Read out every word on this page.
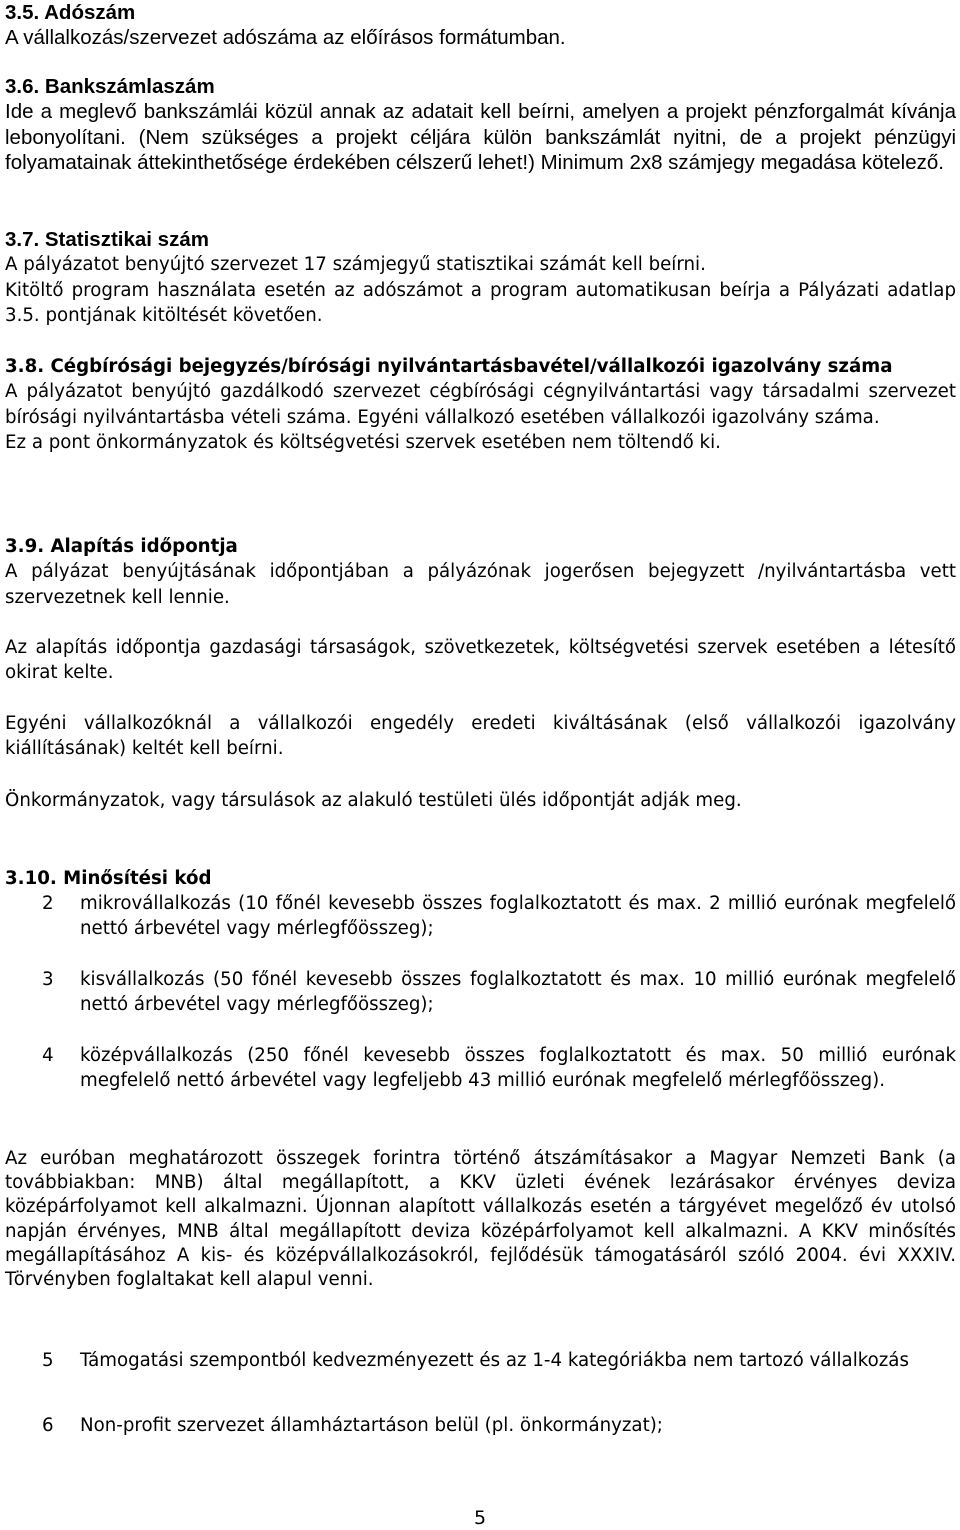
3.5. Adószám

A vállalkozás/szervezet adószáma az előírásos formátumban.

3.6. Bankszámlaszám

Ide a meglevő bankszámlái közül annak az adatait kell beírni, amelyen a projekt pénzforgalmát kívánja lebonyolítani. (Nem szükséges a projekt céljára külön bankszámlát nyitni, de a projekt pénzügyi folyamatainak áttekinthetősége érdekében célszerű lehet!) Minimum 2x8 számjegy megadása kötelező.

3.7. Statisztikai szám

A pályázatot benyújtó szervezet 17 számjegyű statisztikai számát kell beírni.

Kitöltő program használata esetén az adószámot a program automatikusan beírja a Pályázati adatlap 3.5. pontjának kitöltését követően.

3.8. Cégbírósági bejegyzés/bírósági nyilvántartásbavétel/vállalkozói igazolvány száma

A pályázatot benyújtó gazdálkodó szervezet cégbírósági cégnyilvántartási vagy társadalmi szervezet bírósági nyilvántartásba vételi száma. Egyéni vállalkozó esetében vállalkozói igazolvány száma.

Ez a pont önkormányzatok és költségvetési szervek esetében nem töltendő ki.

3.9. Alapítás időpontja

A pályázat benyújtásának időpontjában a pályázónak jogerősen bejegyzett /nyilvántartásba vett szervezetnek kell lennie.

Az alapítás időpontja gazdasági társaságok, szövetkezetek, költségvetési szervek esetében a létesítő okirat kelte.

Egyéni vállalkozóknál a vállalkozói engedély eredeti kiváltásának (első vállalkozói igazolvány kiállításának) keltét kell beírni.

Önkormányzatok, vagy társulások az alakuló testületi ülés időpontját adják meg.

3.10. Minősítési kód
2 mikrovállalkozás (10 főnél kevesebb összes foglalkoztatott és max. 2 millió eurónak megfelelő nettó árbevétel vagy mérlegfőösszeg);
3 kisvállalkozás (50 főnél kevesebb összes foglalkoztatott és max. 10 millió eurónak megfelelő nettó árbevétel vagy mérlegfőösszeg);
4 középvállalkozás (250 főnél kevesebb összes foglalkoztatott és max. 50 millió eurónak megfelelő nettó árbevétel vagy legfeljebb 43 millió eurónak megfelelő mérlegfőösszeg).

Az euróban meghatározott összegek forintra történő átszámításakor a Magyar Nemzeti Bank (a továbbiakban: MNB) által megállapított, a KKV üzleti évének lezárásakor érvényes deviza középárfolyamot kell alkalmazni. Újonnan alapított vállalkozás esetén a tárgyévet megelőző év utolsó napján érvényes, MNB által megállapított deviza középárfolyamot kell alkalmazni. A KKV minősítés megállapításához A kis- és középvállalkozásokról, fejlődésük támogatásáról szóló 2004. évi XXXIV. Törvényben foglaltakat kell alapul venni.

5 Támogatási szempontból kedvezményezett és az 1-4 kategóriákba nem tartozó vállalkozás
6 Non-profit szervezet államháztartáson belül (pl. önkormányzat);
5
